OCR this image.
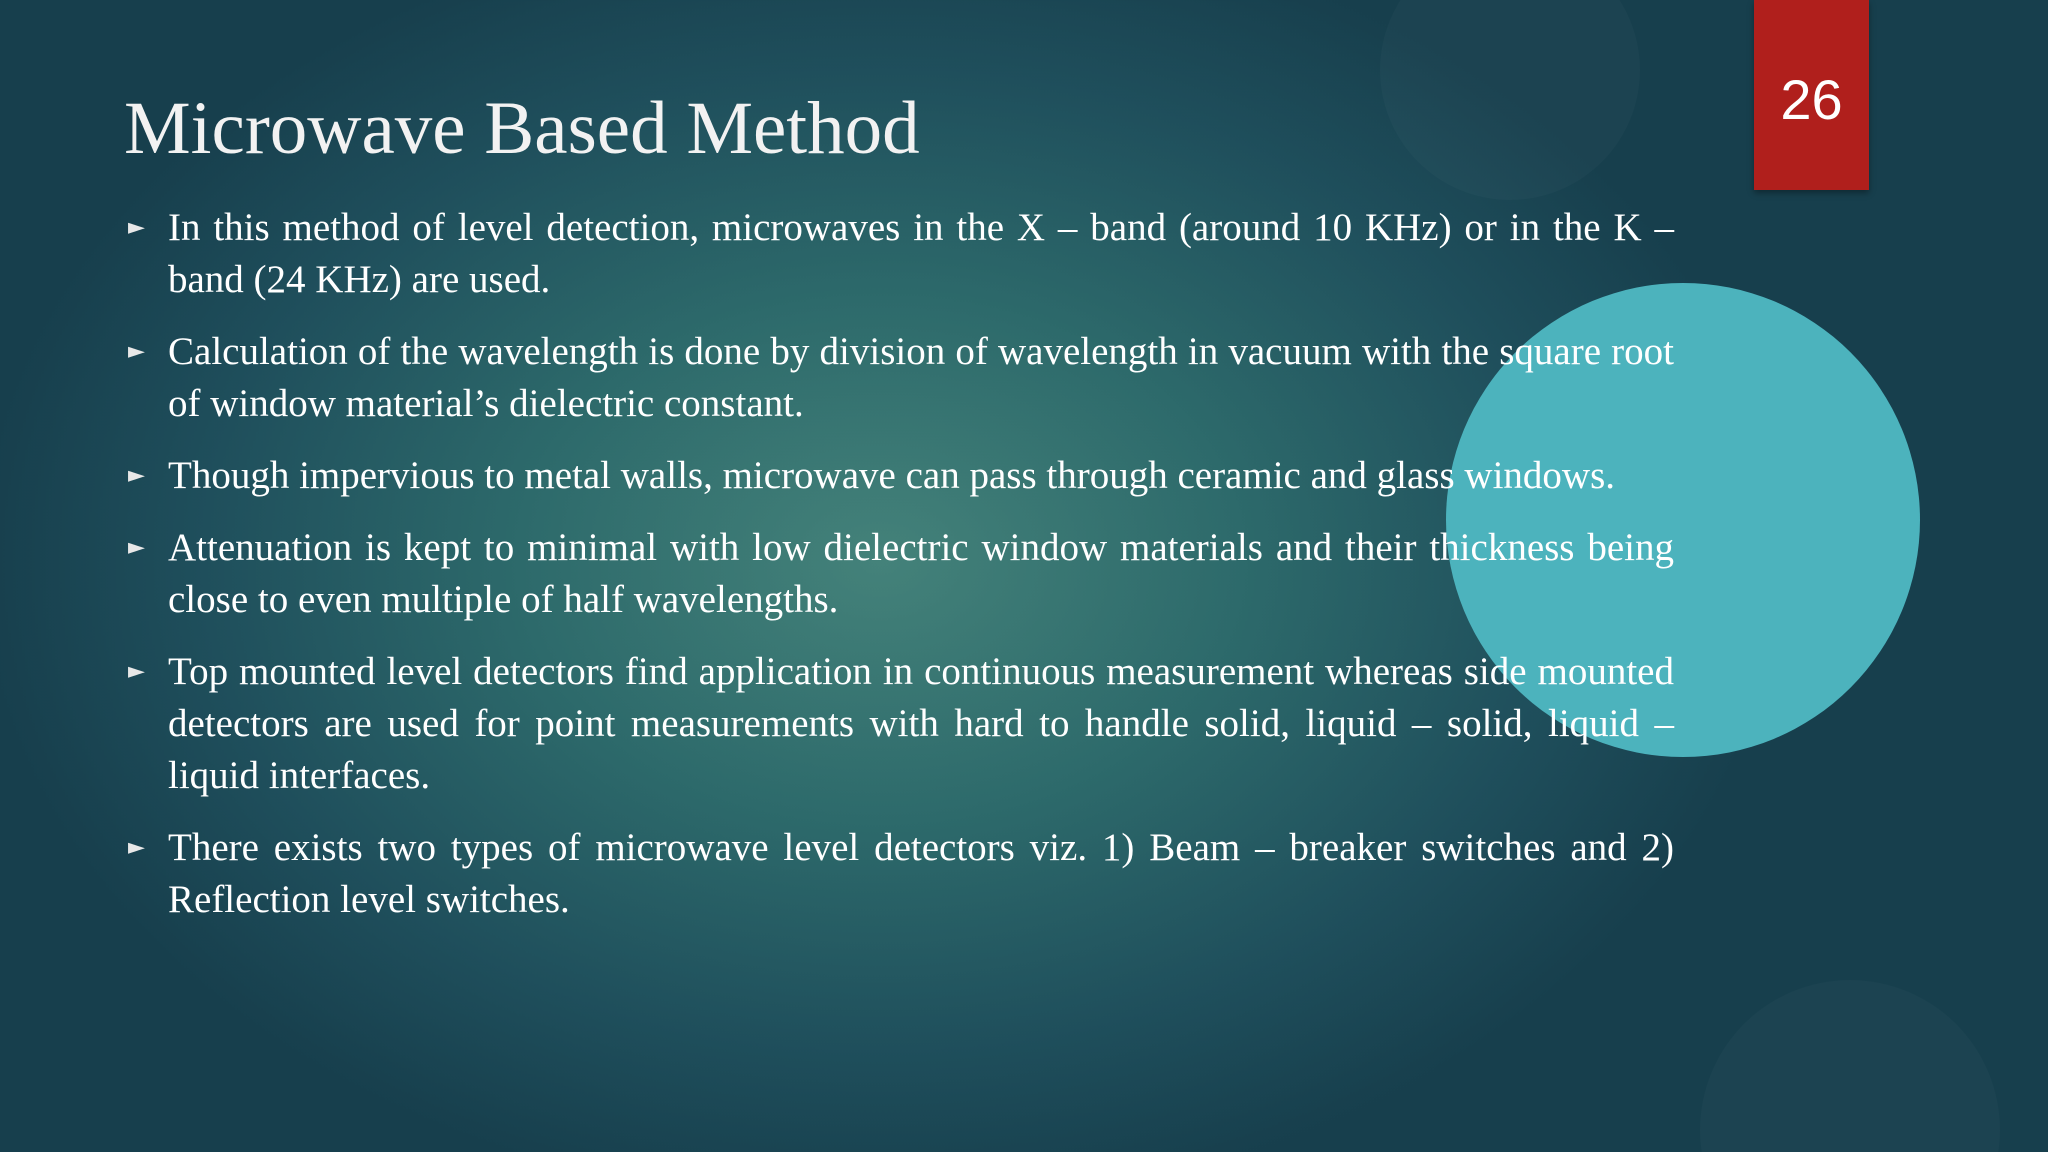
26
Microwave Based Method
► In this method of level detection, microwaves in the X – band (around 10 KHz) or in the K – band (24 KHz) are used.
► Calculation of the wavelength is done by division of wavelength in vacuum with the square root of window material’s dielectric constant.
► Though impervious to metal walls, microwave can pass through ceramic and glass windows.
► Attenuation is kept to minimal with low dielectric window materials and their thickness being close to even multiple of half wavelengths.
► Top mounted level detectors find application in continuous measurement whereas side mounted detectors are used for point measurements with hard to handle solid, liquid – solid, liquid – liquid interfaces.
► There exists two types of microwave level detectors viz. 1) Beam – breaker switches and 2) Reflection level switches.
